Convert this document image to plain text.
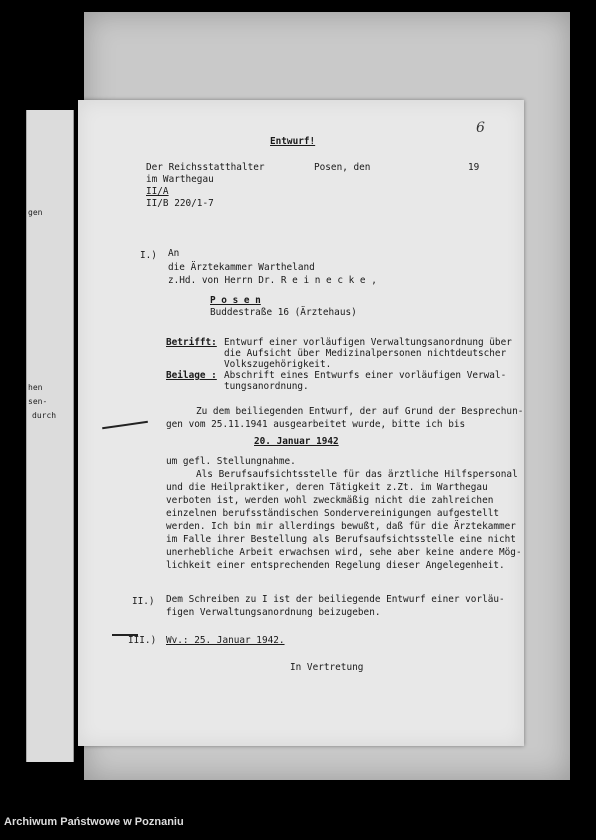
gen
hen
sen-
durch
Entwurf!
Der Reichsstatthalter
im Warthegau
II/A
II/B 220/1-7
Posen, den	19
I.) An
die Ärztekammer Wartheland
z.Hd. von Herrn Dr. R e i n e c k e ,
P o s e n
Buddestraße 16 (Ärztehaus)
Betrifft: Entwurf einer vorläufigen Verwaltungsanordnung über
die Aufsicht über Medizinalpersonen nichtdeutscher
Volkszugehörigkeit.
Beilage : Abschrift eines Entwurfs einer vorläufigen Verwal-
tungsanordnung.
Zu dem beiliegenden Entwurf, der auf Grund der Besprechun-
gen vom 25.11.1941 ausgearbeitet wurde, bitte ich bis
20. Januar 1942
um gefl. Stellungnahme.
Als Berufsaufsichtsstelle für das ärztliche Hilfspersonal
und die Heilpraktiker, deren Tätigkeit z.Zt. im Warthegau
verboten ist, werden wohl zweckmäßig nicht die zahlreichen
einzelnen berufsständischen Sondervereinigungen aufgestellt
werden. Ich bin mir allerdings bewußt, daß für die Ärztekammer
im Falle ihrer Bestellung als Berufsaufsichtsstelle eine nicht
unerhebliche Arbeit erwachsen wird, sehe aber keine andere Mög-
lichkeit einer entsprechenden Regelung dieser Angelegenheit.
II.) Dem Schreiben zu I ist der beiliegende Entwurf einer vorläu-
figen Verwaltungsanordnung beizugeben.
III.) Wv.: 25. Januar 1942.
In Vertretung
6
Archiwum Państwowe w Poznaniu
